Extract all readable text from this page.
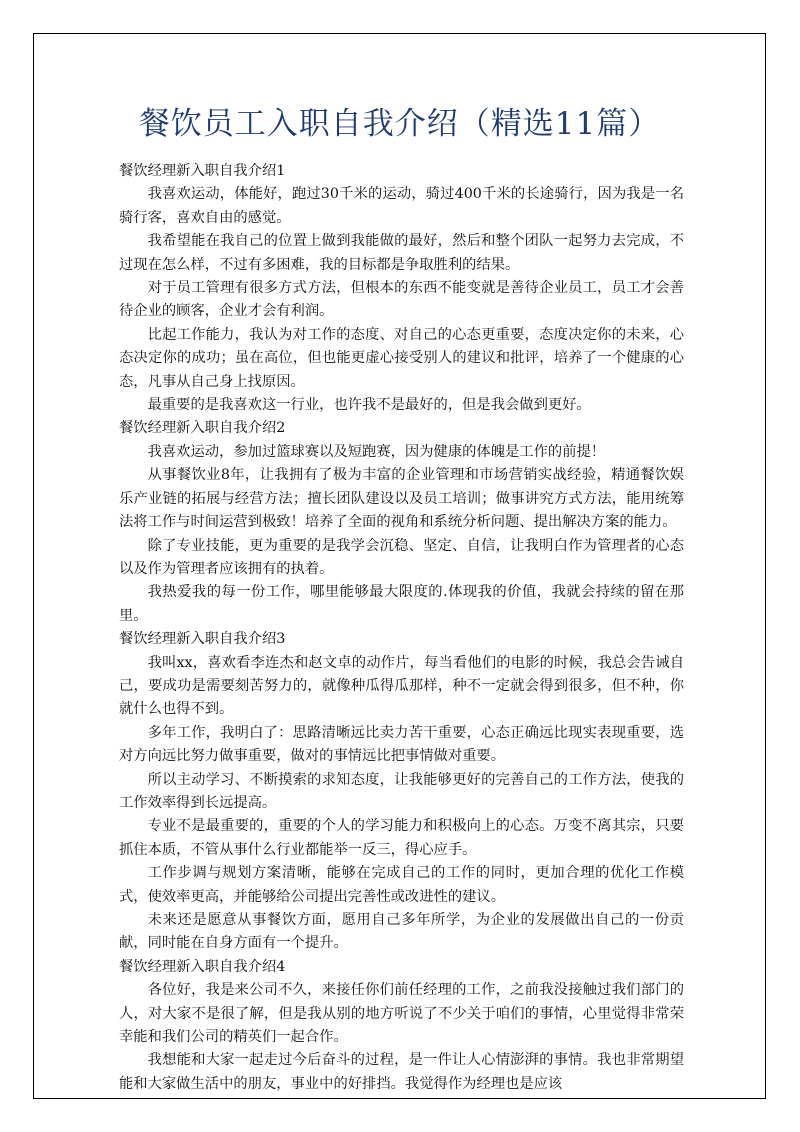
餐饮员工入职自我介绍（精选11篇）

餐饮经理新入职自我介绍1

我喜欢运动，体能好，跑过30千米的运动，骑过400千米的长途骑行，因为我是一名骑行客，喜欢自由的感觉。

我希望能在我自己的位置上做到我能做的最好，然后和整个团队一起努力去完成，不过现在怎么样，不过有多困难，我的目标都是争取胜利的结果。

对于员工管理有很多方式方法，但根本的东西不能变就是善待企业员工，员工才会善待企业的顾客，企业才会有利润。

比起工作能力，我认为对工作的态度、对自己的心态更重要，态度决定你的未来，心态决定你的成功；虽在高位，但也能更虚心接受别人的建议和批评，培养了一个健康的心态，凡事从自己身上找原因。

最重要的是我喜欢这一行业，也许我不是最好的，但是我会做到更好。

餐饮经理新入职自我介绍2

我喜欢运动，参加过篮球赛以及短跑赛，因为健康的体魄是工作的前提！

从事餐饮业8年，让我拥有了极为丰富的企业管理和市场营销实战经验，精通餐饮娱乐产业链的拓展与经营方法；擅长团队建设以及员工培训；做事讲究方式方法，能用统筹法将工作与时间运营到极致！培养了全面的视角和系统分析问题、提出解决方案的能力。

除了专业技能，更为重要的是我学会沉稳、坚定、自信，让我明白作为管理者的心态以及作为管理者应该拥有的执着。

我热爱我的每一份工作，哪里能够最大限度的.体现我的价值，我就会持续的留在那里。

餐饮经理新入职自我介绍3

我叫xx，喜欢看李连杰和赵文卓的动作片，每当看他们的电影的时候，我总会告诫自己，要成功是需要刻苦努力的，就像种瓜得瓜那样，种不一定就会得到很多，但不种，你就什么也得不到。

多年工作，我明白了：思路清晰远比卖力苦干重要，心态正确远比现实表现重要，选对方向远比努力做事重要，做对的事情远比把事情做对重要。

所以主动学习、不断摸索的求知态度，让我能够更好的完善自己的工作方法，使我的工作效率得到长远提高。

专业不是最重要的，重要的个人的学习能力和积极向上的心态。万变不离其宗，只要抓住本质，不管从事什么行业都能举一反三，得心应手。

工作步调与规划方案清晰，能够在完成自己的工作的同时，更加合理的优化工作模式，使效率更高，并能够给公司提出完善性或改进性的建议。

未来还是愿意从事餐饮方面，愿用自己多年所学，为企业的发展做出自己的一份贡献，同时能在自身方面有一个提升。

餐饮经理新入职自我介绍4

各位好，我是来公司不久，来接任你们前任经理的工作，之前我没接触过我们部门的人，对大家不是很了解，但是我从别的地方听说了不少关于咱们的事情，心里觉得非常荣幸能和我们公司的精英们一起合作。

我想能和大家一起走过今后奋斗的过程，是一件让人心情澎湃的事情。我也非常期望能和大家做生活中的朋友，事业中的好排挡。我觉得作为经理也是应该
